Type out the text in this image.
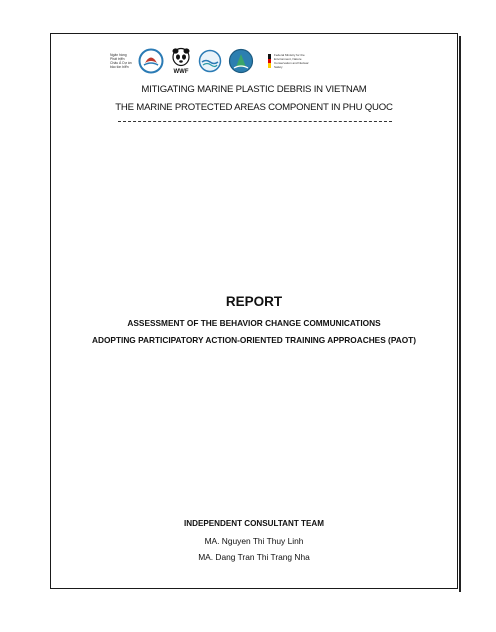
Ngân hàng Phát triển Châu Á Dự án bảo tồn biển
WWF
Federal Ministry for the Environment, Nature Conservation and Nuclear Safety
MITIGATING MARINE PLASTIC DEBRIS IN VIETNAM
THE MARINE PROTECTED AREAS COMPONENT IN PHU QUOC
REPORT
ASSESSMENT OF THE BEHAVIOR CHANGE COMMUNICATIONS
ADOPTING PARTICIPATORY ACTION-ORIENTED TRAINING APPROACHES (PAOT)
INDEPENDENT CONSULTANT TEAM
MA. Nguyen Thi Thuy Linh
MA. Dang Tran Thi Trang Nha
